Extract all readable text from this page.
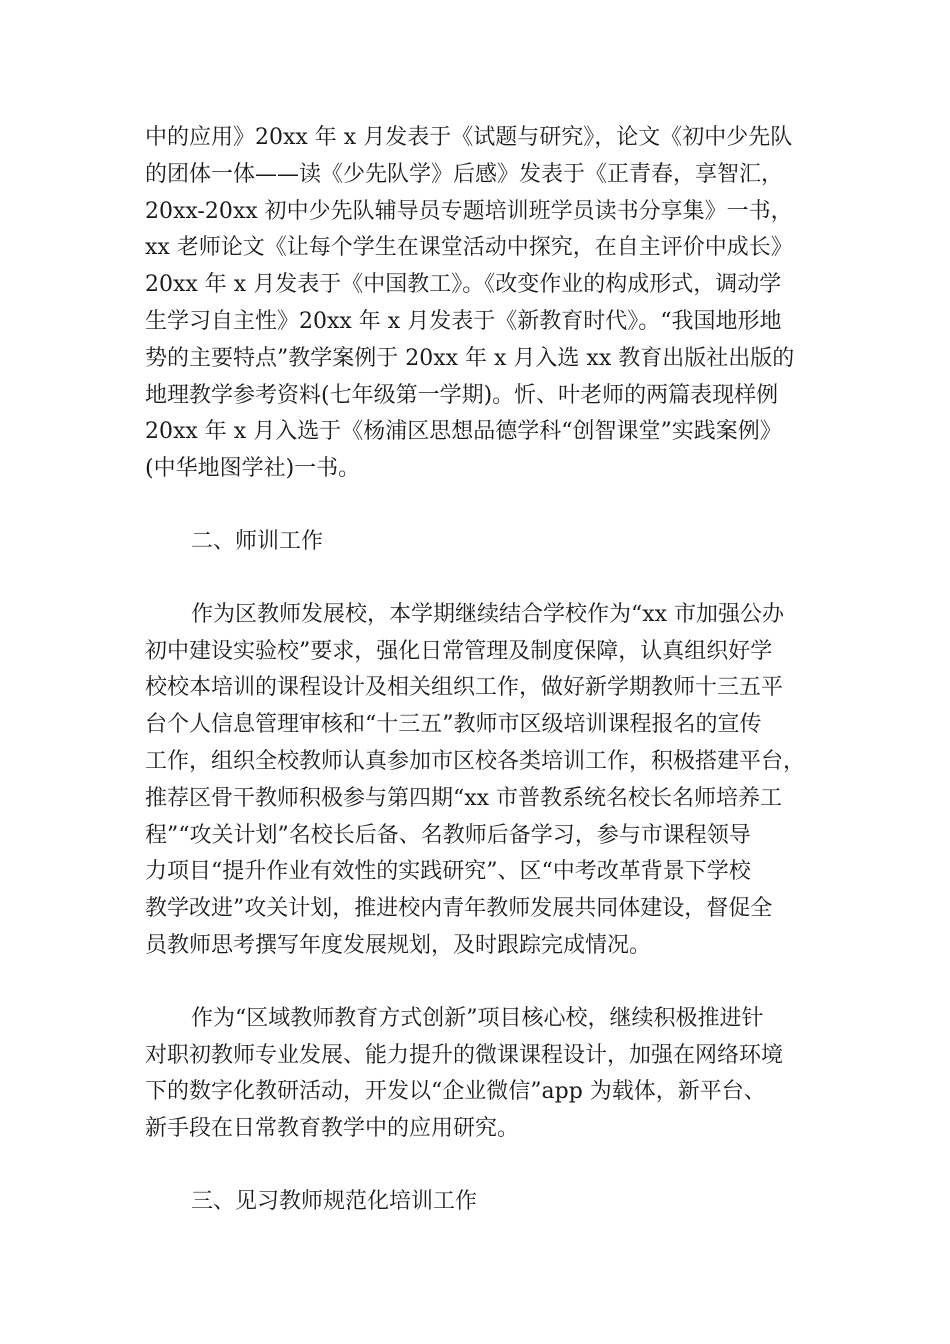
中的应用》20xx 年 x 月发表于《试题与研究》，论文《初中少先队
的团体一体——读《少先队学》后感》发表于《正青春，享智汇，
20xx-20xx 初中少先队辅导员专题培训班学员读书分享集》一书，
xx 老师论文《让每个学生在课堂活动中探究，在自主评价中成长》
20xx 年 x 月发表于《中国教工》。《改变作业的构成形式，调动学
生学习自主性》20xx 年 x 月发表于《新教育时代》。“我国地形地
势的主要特点”教学案例于 20xx 年 x 月入选 xx 教育出版社出版的
地理教学参考资料(七年级第一学期)。忻、叶老师的两篇表现样例
20xx 年 x 月入选于《杨浦区思想品德学科“创智课堂”实践案例》
(中华地图学社)一书。
二、师训工作
作为区教师发展校，本学期继续结合学校作为“xx 市加强公办
初中建设实验校”要求，强化日常管理及制度保障，认真组织好学
校校本培训的课程设计及相关组织工作，做好新学期教师十三五平
台个人信息管理审核和“十三五”教师市区级培训课程报名的宣传
工作，组织全校教师认真参加市区校各类培训工作，积极搭建平台，
推荐区骨干教师积极参与第四期“xx 市普教系统名校长名师培养工
程”“攻关计划”名校长后备、名教师后备学习，参与市课程领导
力项目“提升作业有效性的实践研究”、区“中考改革背景下学校
教学改进”攻关计划，推进校内青年教师发展共同体建设，督促全
员教师思考撰写年度发展规划，及时跟踪完成情况。
作为“区域教师教育方式创新”项目核心校，继续积极推进针
对职初教师专业发展、能力提升的微课课程设计，加强在网络环境
下的数字化教研活动，开发以“企业微信”app 为载体，新平台、
新手段在日常教育教学中的应用研究。
三、见习教师规范化培训工作
